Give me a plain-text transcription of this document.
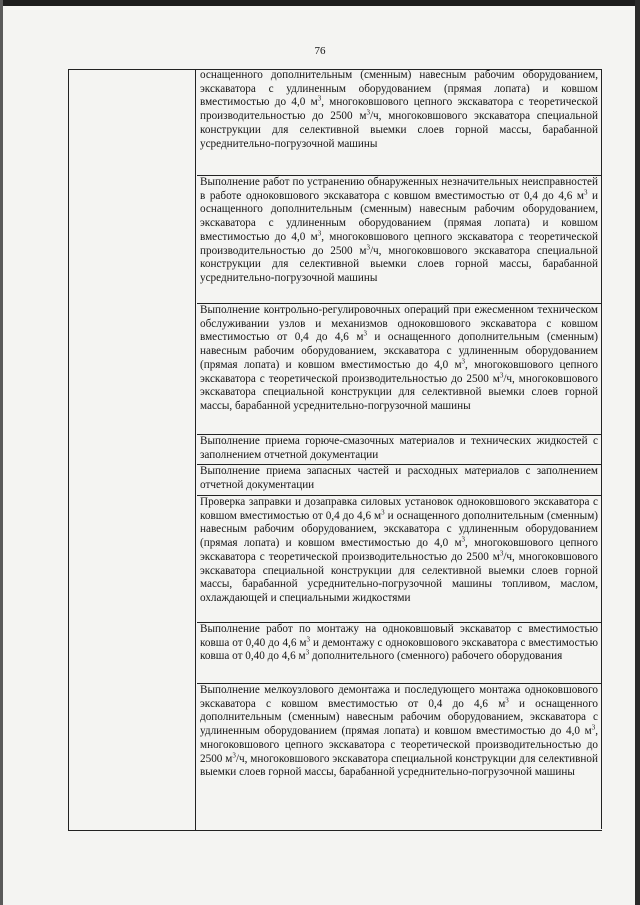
76
оснащенного дополнительным (сменным) навесным рабочим оборудованием, экскаватора с удлиненным оборудованием (прямая лопата) и ковшом вместимостью до 4,0 $м^3$, многоковшового цепного экскаватора с теоретической производительностью до 2500 $м^3/ч$, многоковшового экскаватора специальной конструкции для селективной выемки слоев горной массы, барабанной усреднительно-погрузочной машины
Выполнение работ по устранению обнаруженных незначительных неисправностей в работе одноковшового экскаватора с ковшом вместимостью от 0,4 до 4,6 $м^3$ и оснащенного дополнительным (сменным) навесным рабочим оборудованием, экскаватора с удлиненным оборудованием (прямая лопата) и ковшом вместимостью до 4,0 $м^3$, многоковшового цепного экскаватора с теоретической производительностью до 2500 $м^3/ч$, многоковшового экскаватора специальной конструкции для селективной выемки слоев горной массы, барабанной усреднительно-погрузочной машины
Выполнение контрольно-регулировочных операций при ежесменном техническом обслуживании узлов и механизмов одноковшового экскаватора с ковшом вместимостью от 0,4 до 4,6 $м^3$ и оснащенного дополнительным (сменным) навесным рабочим оборудованием, экскаватора с удлиненным оборудованием (прямая лопата) и ковшом вместимостью до 4,0 $м^3$, многоковшового цепного экскаватора с теоретической производительностью до 2500 $м^3/ч$, многоковшового экскаватора специальной конструкции для селективной выемки слоев горной массы, барабанной усреднительно-погрузочной машины
Выполнение приема горюче-смазочных материалов и технических жидкостей с заполнением отчетной документации
Выполнение приема запасных частей и расходных материалов с заполнением отчетной документации
Проверка заправки и дозаправка силовых установок одноковшового экскаватора с ковшом вместимостью от 0,4 до 4,6 $м^3$ и оснащенного дополнительным (сменным) навесным рабочим оборудованием, экскаватора с удлиненным оборудованием (прямая лопата) и ковшом вместимостью до 4,0 $м^3$, многоковшового цепного экскаватора с теоретической производительностью до 2500 $м^3/ч$, многоковшового экскаватора специальной конструкции для селективной выемки слоев горной массы, барабанной усреднительно-погрузочной машины топливом, маслом, охлаждающей и специальными жидкостями
Выполнение работ по монтажу на одноковшовый экскаватор с вместимостью ковша от 0,40 до 4,6 $м^3$ и демонтажу с одноковшового экскаватора с вместимостью ковша от 0,40 до 4,6 $м^3$ дополнительного (сменного) рабочего оборудования
Выполнение мелкоузлового демонтажа и последующего монтажа одноковшового экскаватора с ковшом вместимостью от 0,4 до 4,6 $м^3$ и оснащенного дополнительным (сменным) навесным рабочим оборудованием, экскаватора с удлиненным оборудованием (прямая лопата) и ковшом вместимостью до 4,0 $м^3$, многоковшового цепного экскаватора с теоретической производительностью до 2500 $м^3/ч$, многоковшового экскаватора специальной конструкции для селективной выемки слоев горной массы, барабанной усреднительно-погрузочной машины
